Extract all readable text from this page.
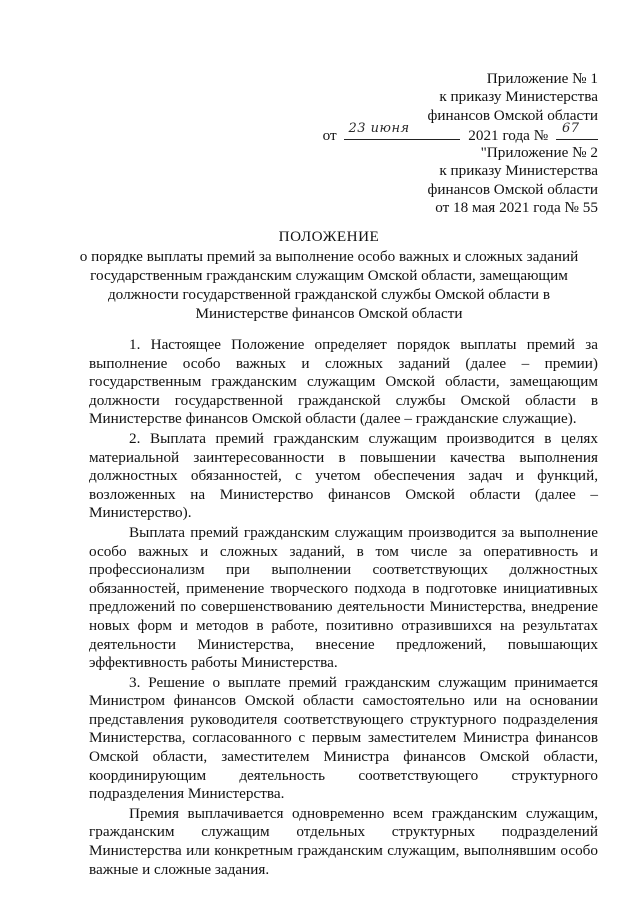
Приложение № 1
к приказу Министерства
финансов Омской области
от 23 июня	2021 года № 67
"Приложение № 2
к приказу Министерства
финансов Омской области
от 18 мая 2021 года № 55
ПОЛОЖЕНИЕ
о порядке выплаты премий за выполнение особо важных и сложных заданий
государственным гражданским служащим Омской области, замещающим
должности государственной гражданской службы Омской области в
Министерстве финансов Омской области

1. Настоящее Положение определяет порядок выплаты премий за выполнение особо важных и сложных заданий (далее – премии) государственным гражданским служащим Омской области, замещающим должности государственной гражданской службы Омской области в Министерстве финансов Омской области (далее – гражданские служащие).

2. Выплата премий гражданским служащим производится в целях материальной заинтересованности в повышении качества выполнения должностных обязанностей, с учетом обеспечения задач и функций, возложенных на Министерство финансов Омской области (далее – Министерство).

Выплата премий гражданским служащим производится за выполнение особо важных и сложных заданий, в том числе за оперативность и профессионализм при выполнении соответствующих должностных обязанностей, применение творческого подхода в подготовке инициативных предложений по совершенствованию деятельности Министерства, внедрение новых форм и методов в работе, позитивно отразившихся на результатах деятельности Министерства, внесение предложений, повышающих эффективность работы Министерства.

3. Решение о выплате премий гражданским служащим принимается Министром финансов Омской области самостоятельно или на основании представления руководителя соответствующего структурного подразделения Министерства, согласованного с первым заместителем Министра финансов Омской области, заместителем Министра финансов Омской области, координирующим деятельность соответствующего структурного подразделения Министерства.

Премия выплачивается одновременно всем гражданским служащим, гражданским служащим отдельных структурных подразделений Министерства или конкретным гражданским служащим, выполнявшим особо важные и сложные задания.
